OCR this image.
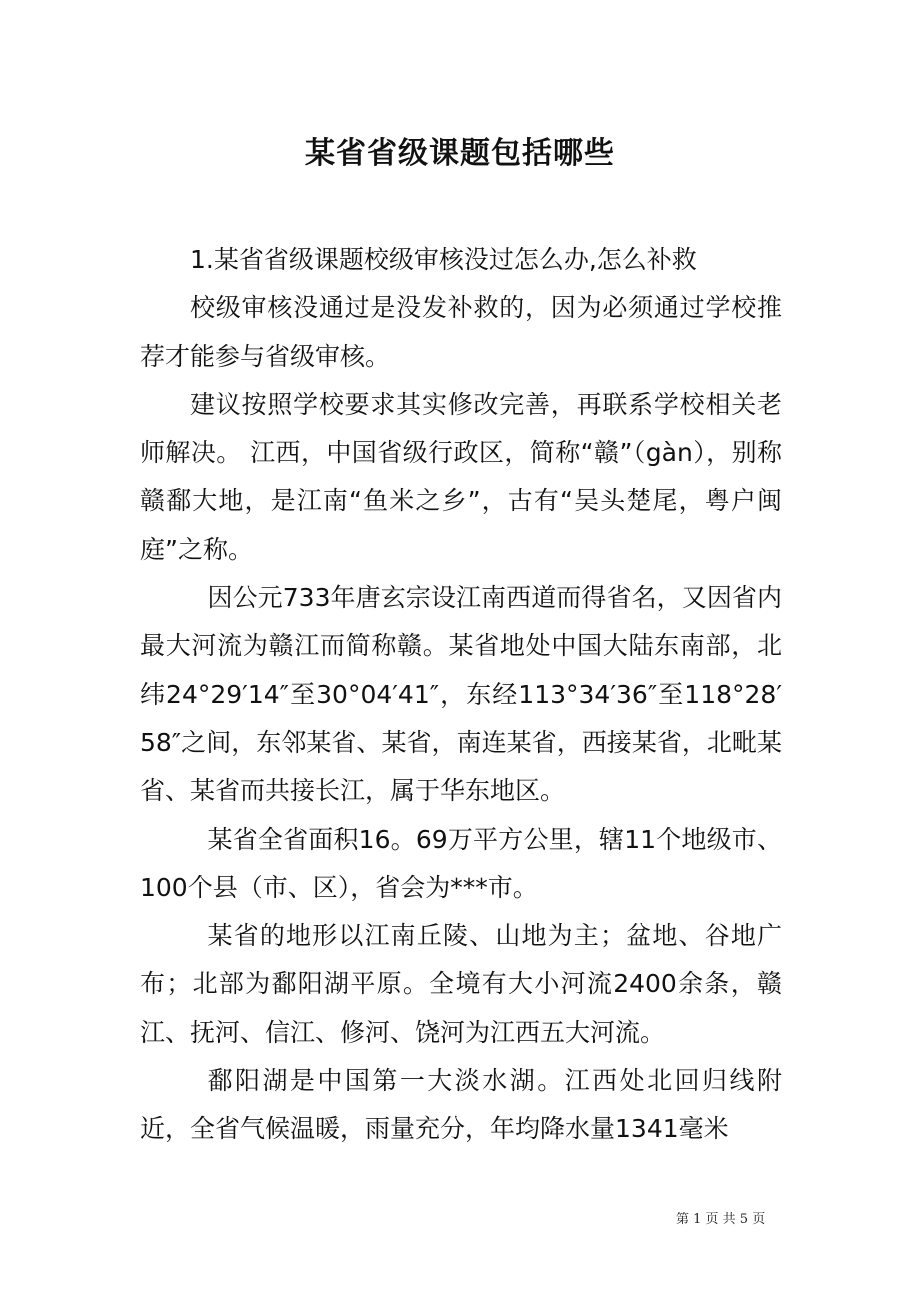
某省省级课题包括哪些

1.某省省级课题校级审核没过怎么办,怎么补救

校级审核没通过是没发补救的，因为必须通过学校推荐才能参与省级审核。

建议按照学校要求其实修改完善，再联系学校相关老师解决。 江西，中国省级行政区，简称“赣”（gàn），别称赣鄱大地，是江南“鱼米之乡”，古有“吴头楚尾，粤户闽庭”之称。

因公元733年唐玄宗设江南西道而得省名，又因省内最大河流为赣江而简称赣。某省地处中国大陆东南部，北纬24°29′14″至30°04′41″，东经113°34′36″至118°28′58″之间，东邻某省、某省，南连某省，西接某省，北毗某省、某省而共接长江，属于华东地区。

某省全省面积16。69万平方公里，辖11个地级市、100个县（市、区），省会为***市。

某省的地形以江南丘陵、山地为主；盆地、谷地广布；北部为鄱阳湖平原。全境有大小河流2400余条，赣江、抚河、信江、修河、饶河为江西五大河流。

鄱阳湖是中国第一大淡水湖。江西处北回归线附近，全省气候温暖，雨量充分，年均降水量1341毫米

第 1 页 共 5 页
